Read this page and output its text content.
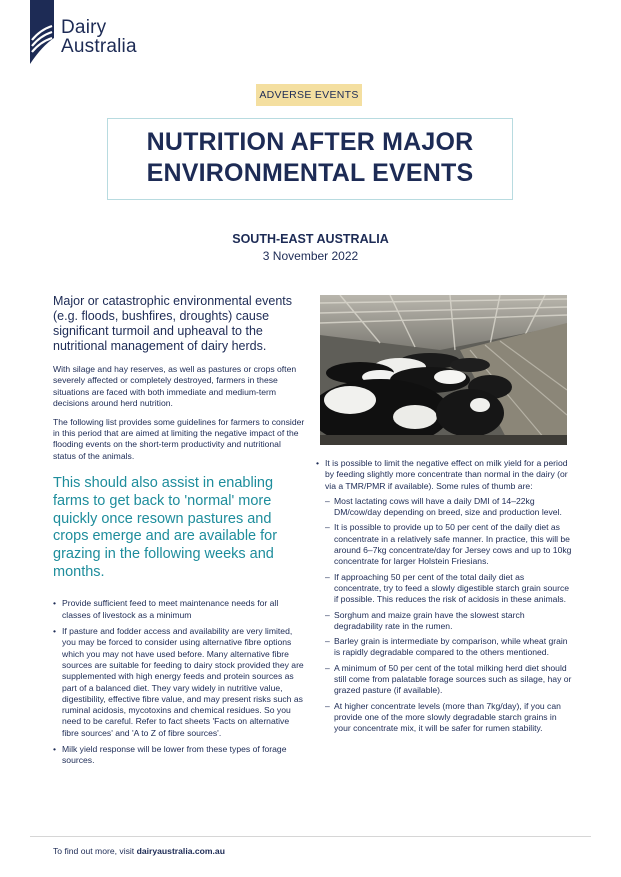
Dairy
Australia
ADVERSE EVENTS
NUTRITION AFTER MAJOR
ENVIRONMENTAL EVENTS
SOUTH-EAST AUSTRALIA
3 November 2022

Major or catastrophic environmental events (e.g. floods, bushfires, droughts) cause significant turmoil and upheaval to the nutritional management of dairy herds.

With silage and hay reserves, as well as pastures or crops often severely affected or completely destroyed, farmers in these situations are faced with both immediate and medium-term decisions around herd nutrition.

The following list provides some guidelines for farmers to consider in this period that are aimed at limiting the negative impact of the flooding events on the short-term productivity and nutritional status of the animals.

This should also assist in enabling farms to get back to 'normal' more quickly once resown pastures and crops emerge and are available for grazing in the following weeks and months.

• Provide sufficient feed to meet maintenance needs for all classes of livestock as a minimum
• If pasture and fodder access and availability are very limited, you may be forced to consider using alternative fibre options which you may not have used before. Many alternative fibre sources are suitable for feeding to dairy stock provided they are supplemented with high energy feeds and protein sources as part of a balanced diet. They vary widely in nutritive value, digestibility, effective fibre value, and may present risks such as ruminal acidosis, mycotoxins and chemical residues. So you need to be careful. Refer to fact sheets 'Facts on alternative fibre sources' and 'A to Z of fibre sources'.
• Milk yield response will be lower from these types of forage sources.
• It is possible to limit the negative effect on milk yield for a period by feeding slightly more concentrate than normal in the dairy (or via a TMR/PMR if available). Some rules of thumb are:
– Most lactating cows will have a daily DMI of 14–22kg DM/cow/day depending on breed, size and production level.
– It is possible to provide up to 50 per cent of the daily diet as concentrate in a relatively safe manner. In practice, this will be around 6–7kg concentrate/day for Jersey cows and up to 10kg concentrate for larger Holstein Friesians.
– If approaching 50 per cent of the total daily diet as concentrate, try to feed a slowly digestible starch grain source if possible. This reduces the risk of acidosis in these animals.
– Sorghum and maize grain have the slowest starch degradability rate in the rumen.
– Barley grain is intermediate by comparison, while wheat grain is rapidly degradable compared to the others mentioned.
– A minimum of 50 per cent of the total milking herd diet should still come from palatable forage sources such as silage, hay or grazed pasture (if available).
– At higher concentrate levels (more than 7kg/day), if you can provide one of the more slowly degradable starch grains in your concentrate mix, it will be safer for rumen stability.
To find out more, visit dairyaustralia.com.au
